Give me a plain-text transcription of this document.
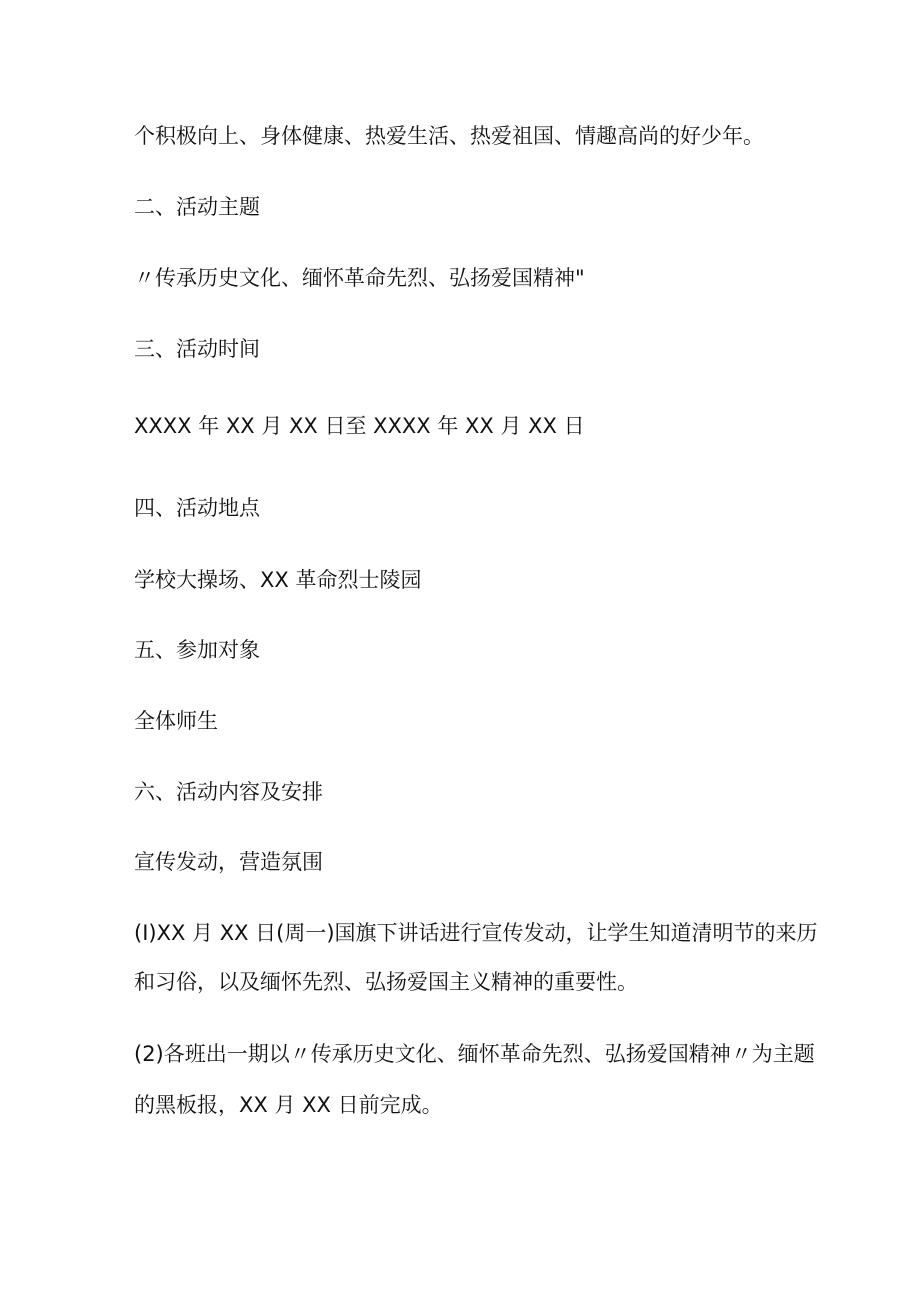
个积极向上、身体健康、热爱生活、热爱祖国、情趣高尚的好少年。

二、活动主题

〃传承历史文化、缅怀革命先烈、弘扬爱国精神"

三、活动时间

XXXX 年 XX 月 XX 日至 XXXX 年 XX 月 XX 日

四、活动地点

学校大操场、XX 革命烈士陵园

五、参加对象

全体师生

六、活动内容及安排

宣传发动，营造氛围

(I)XX 月 XX 日(周一)国旗下讲话进行宣传发动，让学生知道清明节的来历

和习俗，以及缅怀先烈、弘扬爱国主义精神的重要性。

(2)各班出一期以〃传承历史文化、缅怀革命先烈、弘扬爱国精神〃为主题

的黑板报，XX 月 XX 日前完成。
